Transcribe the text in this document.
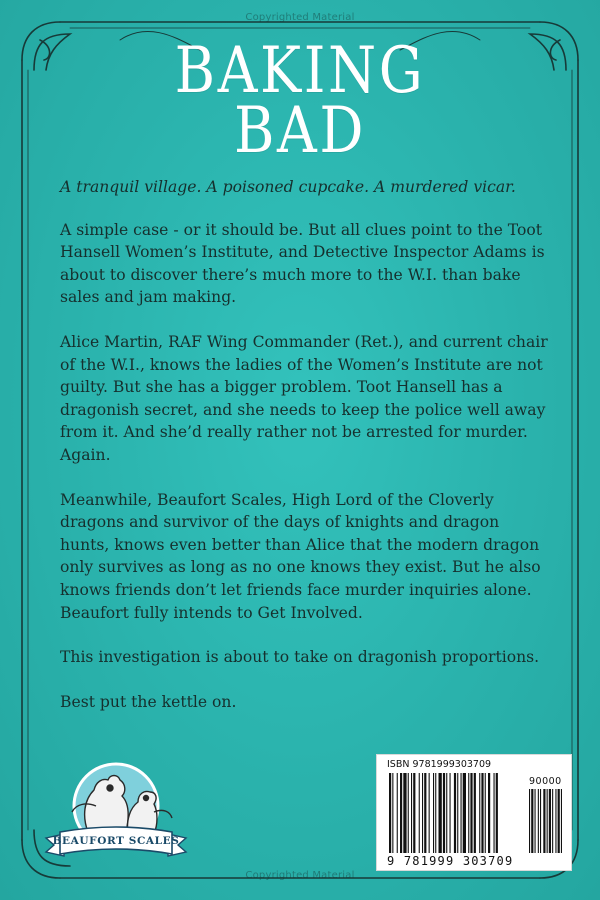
Copyrighted Material
BAKING
BAD

A tranquil village. A poisoned cupcake. A murdered vicar.

A simple case - or it should be. But all clues point to the Toot Hansell Women’s Institute, and Detective Inspector Adams is about to discover there’s much more to the W.I. than bake sales and jam making.

Alice Martin, RAF Wing Commander (Ret.), and current chair of the W.I., knows the ladies of the Women’s Institute are not guilty. But she has a bigger problem. Toot Hansell has a dragonish secret, and she needs to keep the police well away from it. And she’d really rather not be arrested for murder. Again.

Meanwhile, Beaufort Scales, High Lord of the Cloverly dragons and survivor of the days of knights and dragon hunts, knows even better than Alice that the modern dragon only survives as long as no one knows they exist. But he also knows friends don’t let friends face murder inquiries alone. Beaufort fully intends to Get Involved.

This investigation is about to take on dragonish proportions.

Best put the kettle on.

BEAUFORT SCALES
ISBN 9781999303709
90000
9 781999 303709
Copyrighted Material
